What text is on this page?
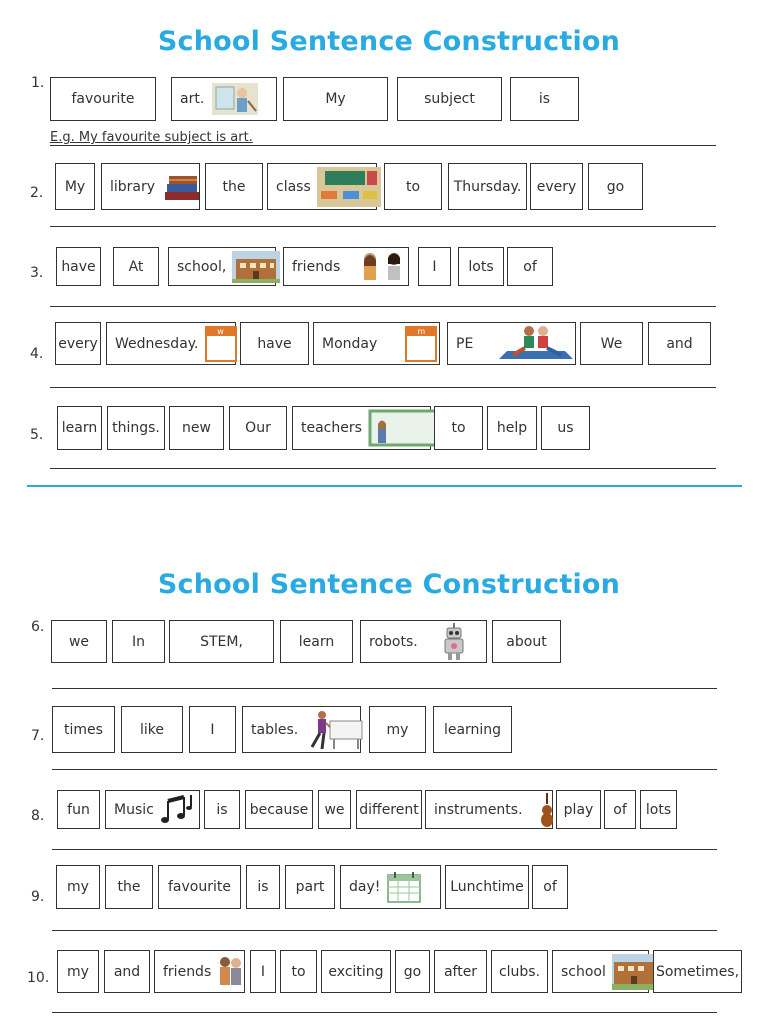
School Sentence Construction
1.
favourite	art.	My	subject	is
E.g. My favourite subject is art.
2.	My	library	the	class	to	Thursday.	every	go
3.	have	At	school,	friends	I	lots	of
4.
every Wednesday.
w
have	Monday
m
PE	We	and
5.	learn	things.	new	Our	teachers	to	help	us
School Sentence Construction
6.
we	In	STEM,	learn	robots.	about
7.	times	like	I	tables.	my	learning
8.	fun	Music	is	because	we	different instruments.	play	of	lots
9.
my	the	favourite	is	part	day!	Lunchtime	of
10.	my	and	friends	I	to	exciting	go	after	clubs.	school	Sometimes,
